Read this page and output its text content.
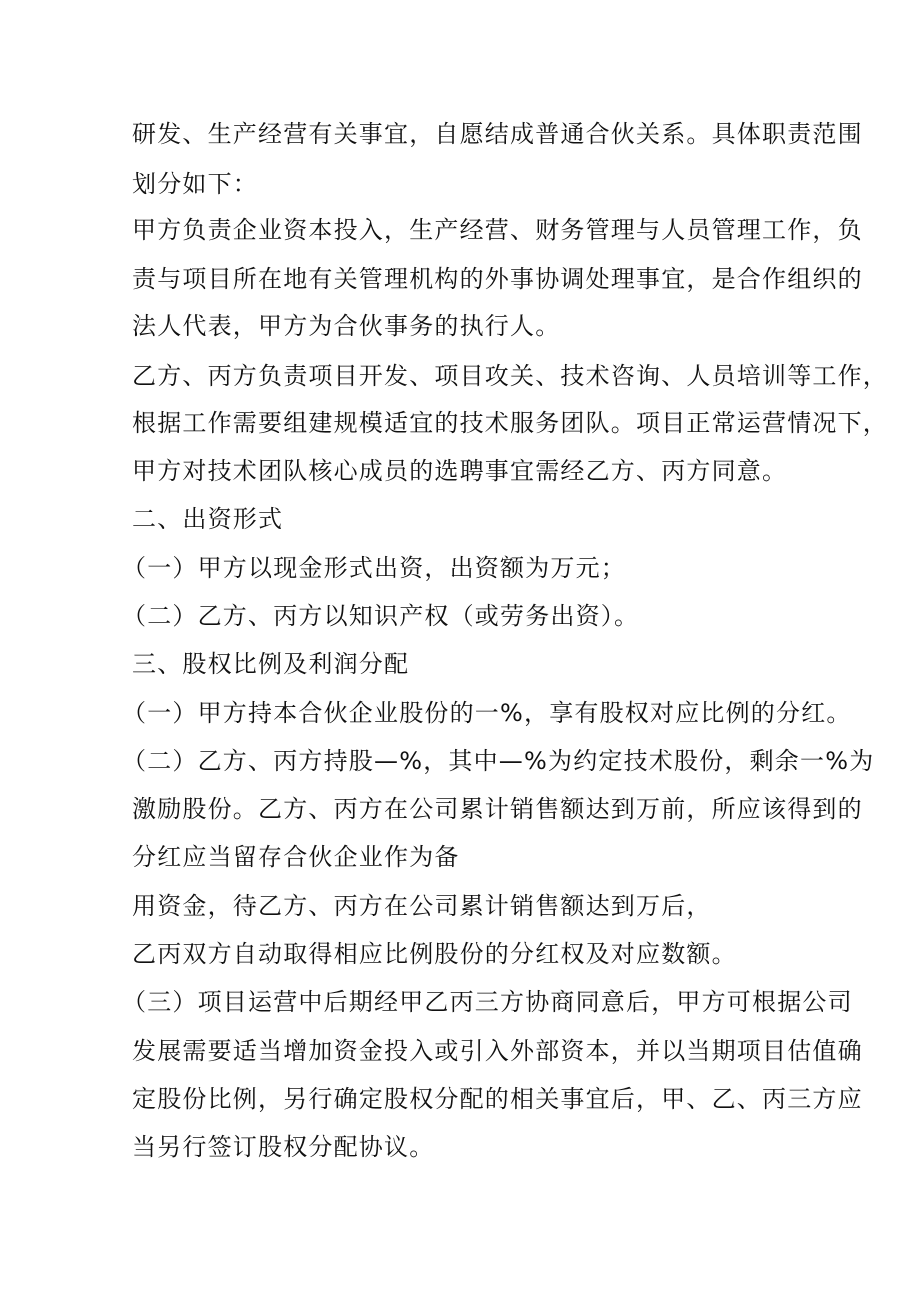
研发、生产经营有关事宜，自愿结成普通合伙关系。具体职责范围
划分如下：
甲方负责企业资本投入，生产经营、财务管理与人员管理工作，负
责与项目所在地有关管理机构的外事协调处理事宜，是合作组织的
法人代表，甲方为合伙事务的执行人。
乙方、丙方负责项目开发、项目攻关、技术咨询、人员培训等工作，
根据工作需要组建规模适宜的技术服务团队。项目正常运营情况下，
甲方对技术团队核心成员的选聘事宜需经乙方、丙方同意。
二、出资形式
（一）甲方以现金形式出资，出资额为万元；
（二）乙方、丙方以知识产权（或劳务出资）。
三、股权比例及利润分配
（一）甲方持本合伙企业股份的一%，享有股权对应比例的分红。
（二）乙方、丙方持股—%，其中—%为约定技术股份，剩余一%为
激励股份。乙方、丙方在公司累计销售额达到万前，所应该得到的
分红应当留存合伙企业作为备
用资金，待乙方、丙方在公司累计销售额达到万后，
乙丙双方自动取得相应比例股份的分红权及对应数额。
（三）项目运营中后期经甲乙丙三方协商同意后，甲方可根据公司
发展需要适当增加资金投入或引入外部资本，并以当期项目估值确
定股份比例，另行确定股权分配的相关事宜后，甲、乙、丙三方应
当另行签订股权分配协议。
